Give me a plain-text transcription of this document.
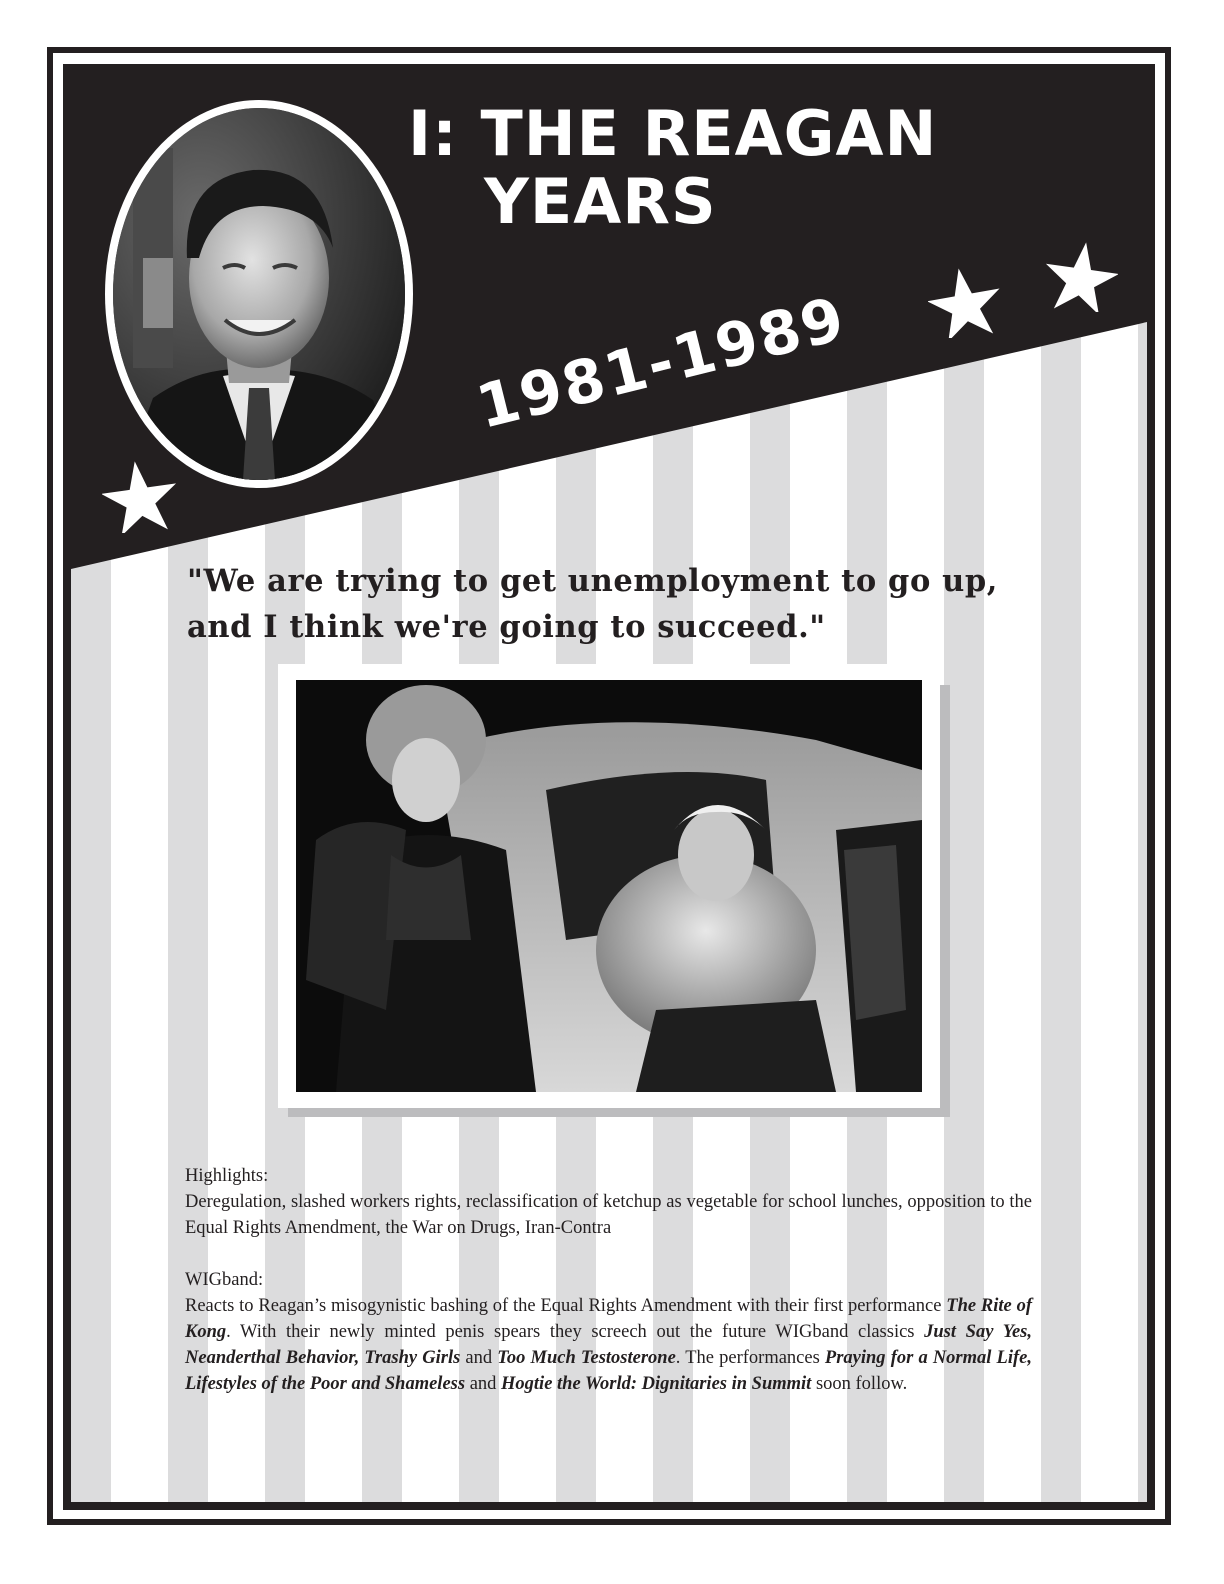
I: THE REAGAN
YEARS
1981-1989
"We are trying to get unemployment to go up, and I think we're going to succeed."

Highlights:

Deregulation, slashed workers rights, reclassification of ketchup as vegetable for school lunches, opposition to the Equal Rights Amendment, the War on Drugs, Iran-Contra

WIGband:

Reacts to Reagan’s misogynistic bashing of the Equal Rights Amendment with their first performance The Rite of Kong. With their newly minted penis spears they screech out the future WIGband classics Just Say Yes, Neanderthal Behavior, Trashy Girls and Too Much Testosterone. The performances Praying for a Normal Life, Lifestyles of the Poor and Shameless and Hogtie the World: Dignitaries in Summit soon follow.
